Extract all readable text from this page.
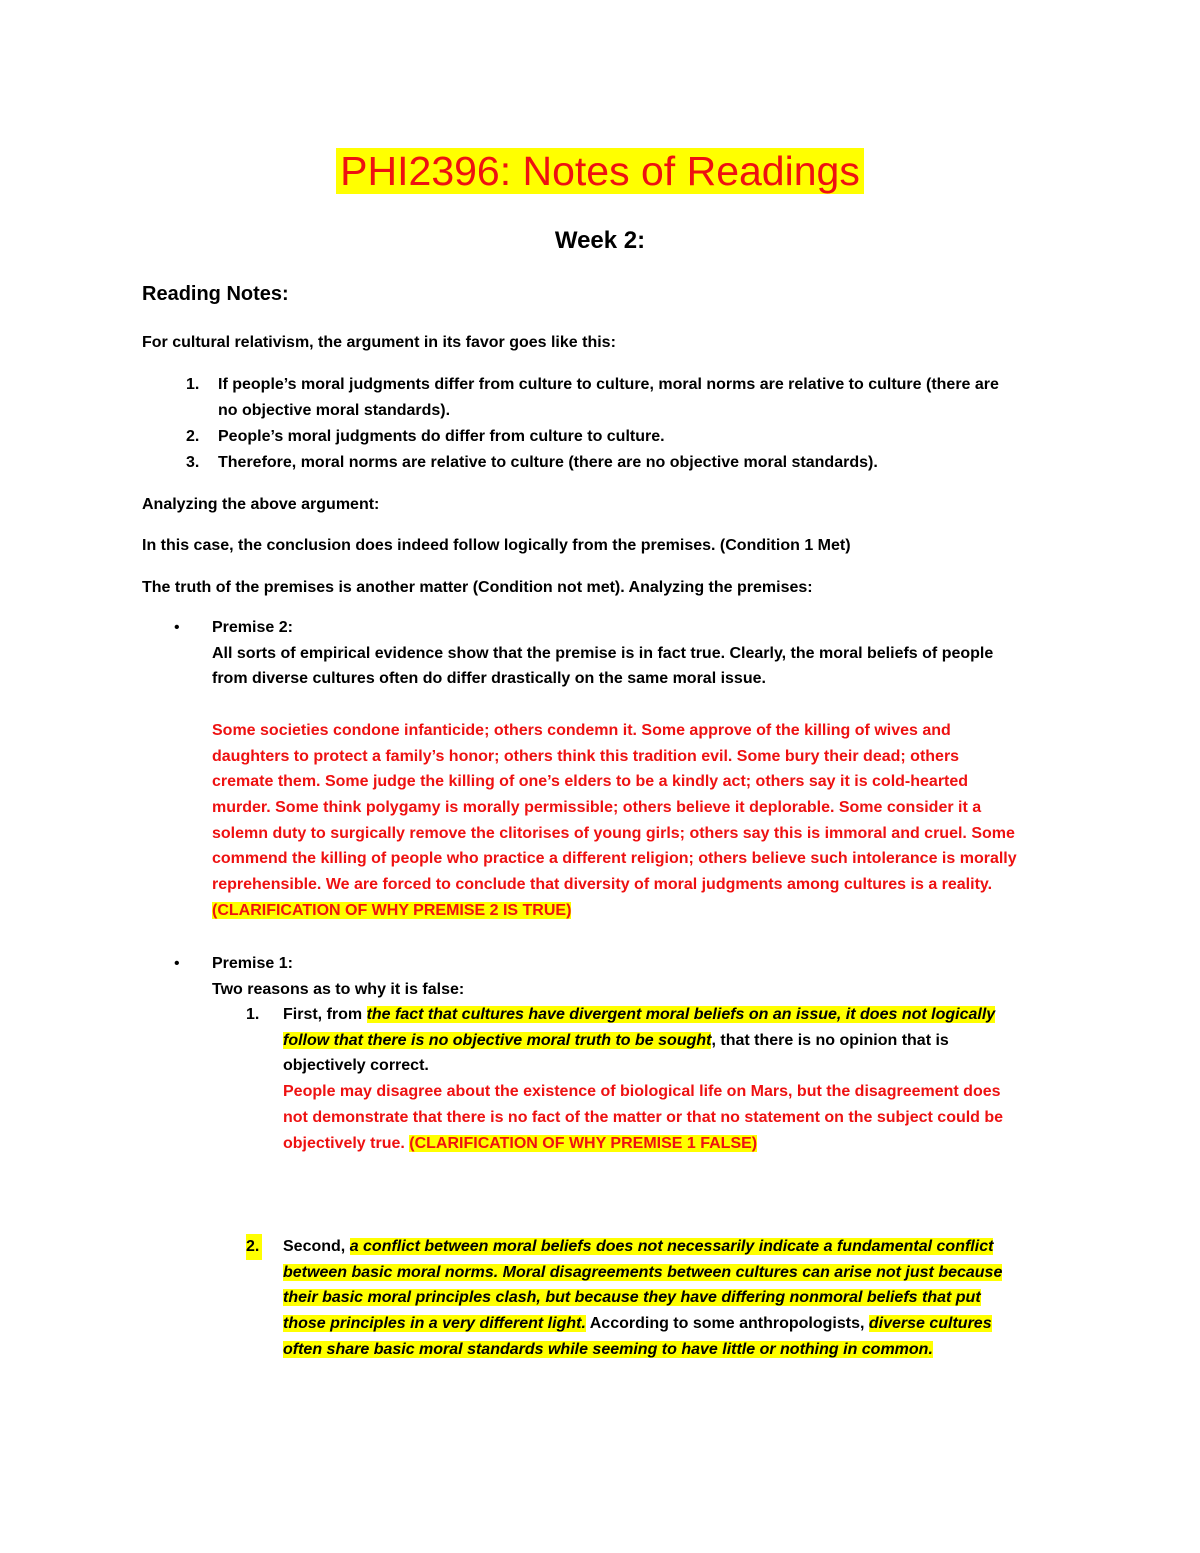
PHI2396: Notes of Readings
Week 2:
Reading Notes:
For cultural relativism, the argument in its favor goes like this:
1. If people’s moral judgments differ from culture to culture, moral norms are relative to culture (there are
no objective moral standards).
2. People’s moral judgments do differ from culture to culture.
3. Therefore, moral norms are relative to culture (there are no objective moral standards).
Analyzing the above argument:
In this case, the conclusion does indeed follow logically from the premises. (Condition 1 Met)
The truth of the premises is another matter (Condition not met). Analyzing the premises:
• Premise 2:
All sorts of empirical evidence show that the premise is in fact true. Clearly, the moral beliefs of people
from diverse cultures often do differ drastically on the same moral issue.
Some societies condone infanticide; others condemn it. Some approve of the killing of wives and
daughters to protect a family’s honor; others think this tradition evil. Some bury their dead; others
cremate them. Some judge the killing of one’s elders to be a kindly act; others say it is cold-hearted
murder. Some think polygamy is morally permissible; others believe it deplorable. Some consider it a
solemn duty to surgically remove the clitorises of young girls; others say this is immoral and cruel. Some
commend the killing of people who practice a different religion; others believe such intolerance is morally
reprehensible. We are forced to conclude that diversity of moral judgments among cultures is a reality.
(CLARIFICATION OF WHY PREMISE 2 IS TRUE)
• Premise 1:
Two reasons as to why it is false:
1. First, from the fact that cultures have divergent moral beliefs on an issue, it does not logically
follow that there is no objective moral truth to be sought, that there is no opinion that is
objectively correct.
People may disagree about the existence of biological life on Mars, but the disagreement does
not demonstrate that there is no fact of the matter or that no statement on the subject could be
objectively true. (CLARIFICATION OF WHY PREMISE 1 FALSE)
2. Second, a conflict between moral beliefs does not necessarily indicate a fundamental conflict
between basic moral norms. Moral disagreements between cultures can arise not just because
their basic moral principles clash, but because they have differing nonmoral beliefs that put
those principles in a very different light. According to some anthropologists, diverse cultures
often share basic moral standards while seeming to have little or nothing in common.
